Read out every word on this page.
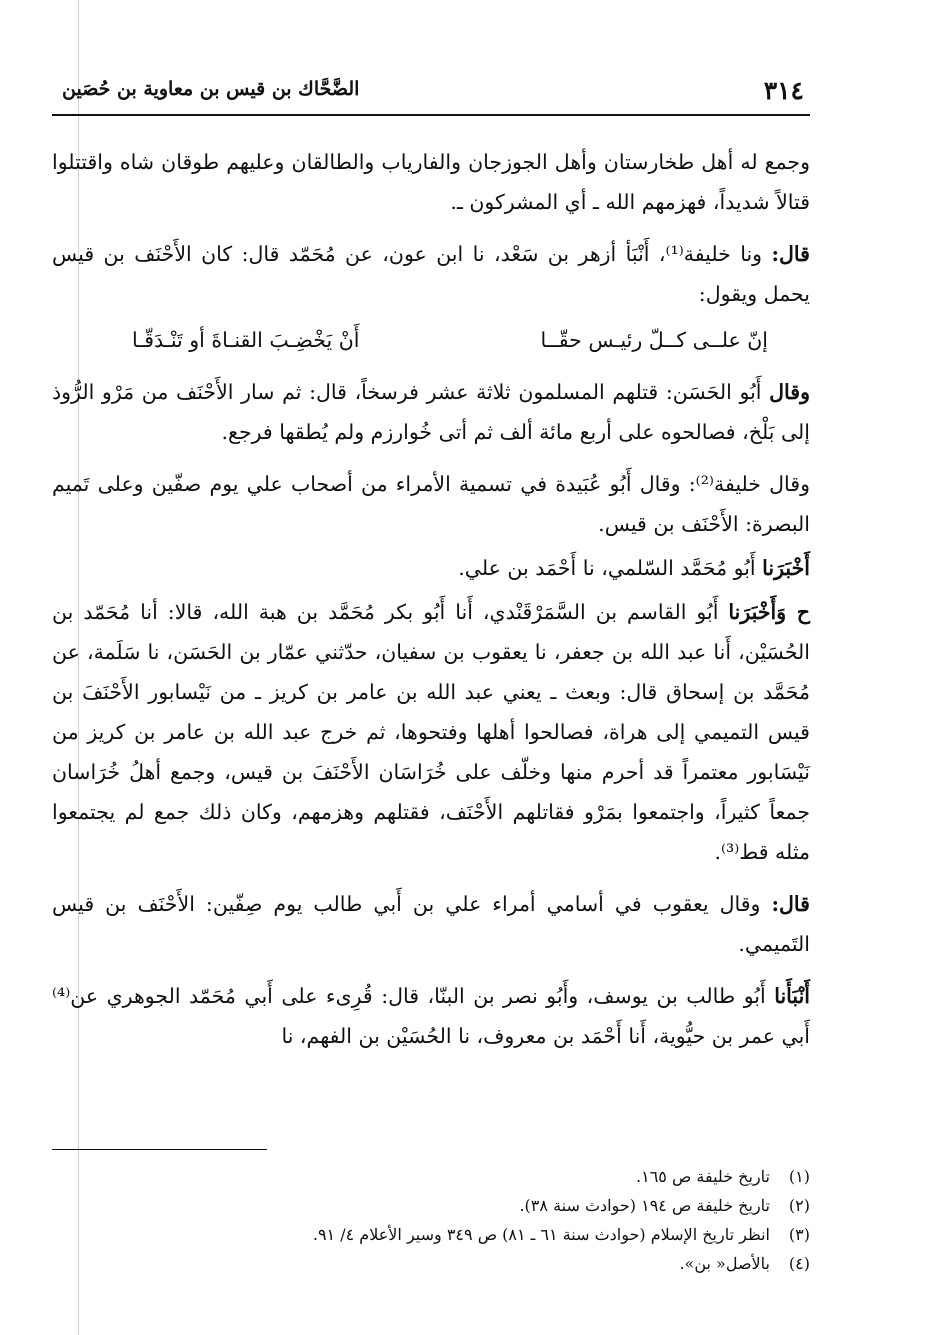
٣١٤
الضَّحَّاك بن قيس بن معاوية بن حُصَين

وجمع له أهل طخارستان وأهل الجوزجان والفارياب والطالقان وعليهم طوقان شاه واقتتلوا قتالاً شديداً، فهزمهم الله ـ أي المشركون ـ.

قال: ونا خليفة⁽¹⁾، أَنْبَأ أزهر بن سَعْد، نا ابن عون، عن مُحَمّد قال: كان الأَحْنَف بن قيس يحمل ويقول:

إنّ علــى كــلّ رئيـس حقّــا
أَنْ يَخْضِـبَ القنـاةَ أو تَنْـدَقّـا

وقال أَبُو الحَسَن: قتلهم المسلمون ثلاثة عشر فرسخاً، قال: ثم سار الأَحْنَف من مَرْو الرُّوذ إلى بَلْخ، فصالحوه على أربع مائة ألف ثم أتى خُوارزم ولم يُطقها فرجع.

وقال خليفة⁽²⁾: وقال أَبُو عُبَيدة في تسمية الأمراء من أصحاب علي يوم صفّين وعلى تَميم البصرة: الأَحْنَف بن قيس.

أَخْبَرَنا أَبُو مُحَمَّد السّلمي، نا أَحْمَد بن علي.

ح وَأَخْبَرَنا أَبُو القاسم بن السَّمَرْقَنْدي، أَنا أَبُو بكر مُحَمَّد بن هبة الله، قالا: أنا مُحَمّد بن الحُسَيْن، أَنا عبد الله بن جعفر، نا يعقوب بن سفيان، حدّثني عمّار بن الحَسَن، نا سَلَمة، عن مُحَمَّد بن إسحاق قال: وبعث ـ يعني عبد الله بن عامر بن كريز ـ من نَيْسابور الأَحْنَفَ بن قيس التميمي إلى هراة، فصالحوا أهلها وفتحوها، ثم خرج عبد الله بن عامر بن كريز من نَيْسَابور معتمراً قد أحرم منها وخلّف على خُرَاسَان الأَحْنَفَ بن قيس، وجمع أهلُ خُرَاسان جمعاً كثيراً، واجتمعوا بمَرْو فقاتلهم الأَحْنَف، فقتلهم وهزمهم، وكان ذلك جمع لم يجتمعوا مثله قط⁽³⁾.

قال: وقال يعقوب في أسامي أمراء علي بن أَبي طالب يوم صِفّين: الأَحْنَف بن قيس التَميمي.

أَنْبَأَنا أَبُو طالب بن يوسف، وأَبُو نصر بن البنّا، قال: قُرِىء على أَبي مُحَمّد الجوهري عن⁽⁴⁾ أَبي عمر بن حيُّوية، أَنا أَحْمَد بن معروف، نا الحُسَيْن بن الفهم، نا

(١)
تاريخ خليفة ص ١٦٥.
(٢)
تاريخ خليفة ص ١٩٤ (حوادث سنة ٣٨).
(٣)
انظر تاريخ الإسلام (حوادث سنة ٦١ ـ ٨١) ص ٣٤٩ وسير الأعلام ٤/ ٩١.
(٤)
بالأصل« بن».
